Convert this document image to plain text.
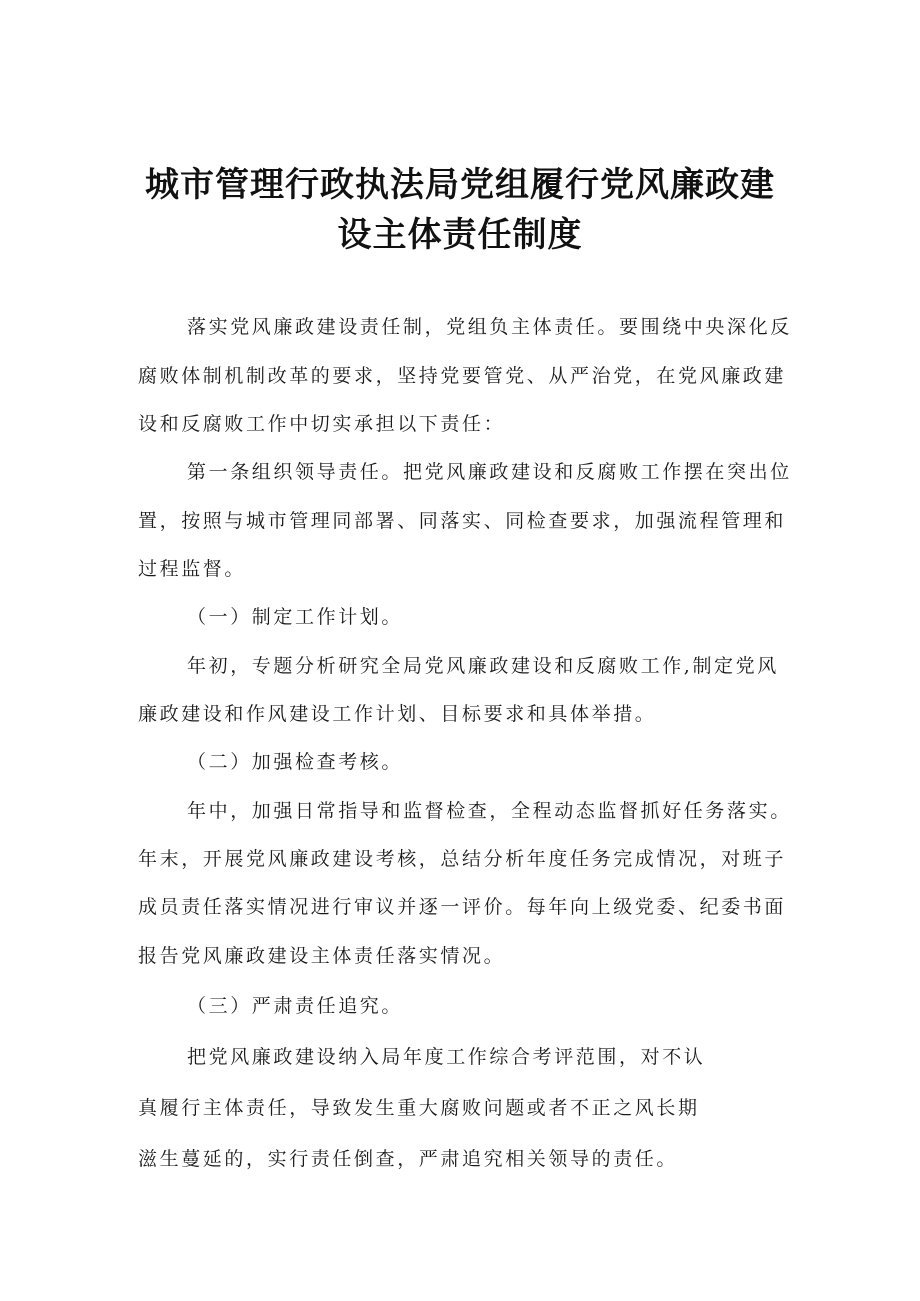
城市管理行政执法局党组履行党风廉政建
设主体责任制度
落实党风廉政建设责任制，党组负主体责任。要围绕中央深化反
腐败体制机制改革的要求，坚持党要管党、从严治党，在党风廉政建
设和反腐败工作中切实承担以下责任：
第一条组织领导责任。把党风廉政建设和反腐败工作摆在突出位
置，按照与城市管理同部署、同落实、同检查要求，加强流程管理和
过程监督。
（一）制定工作计划。
年初，专题分析研究全局党风廉政建设和反腐败工作,制定党风
廉政建设和作风建设工作计划、目标要求和具体举措。
（二）加强检查考核。
年中，加强日常指导和监督检查，全程动态监督抓好任务落实。
年末，开展党风廉政建设考核，总结分析年度任务完成情况，对班子
成员责任落实情况进行审议并逐一评价。每年向上级党委、纪委书面
报告党风廉政建设主体责任落实情况。
（三）严肃责任追究。
把党风廉政建设纳入局年度工作综合考评范围，对不认
真履行主体责任，导致发生重大腐败问题或者不正之风长期
滋生蔓延的，实行责任倒查，严肃追究相关领导的责任。
